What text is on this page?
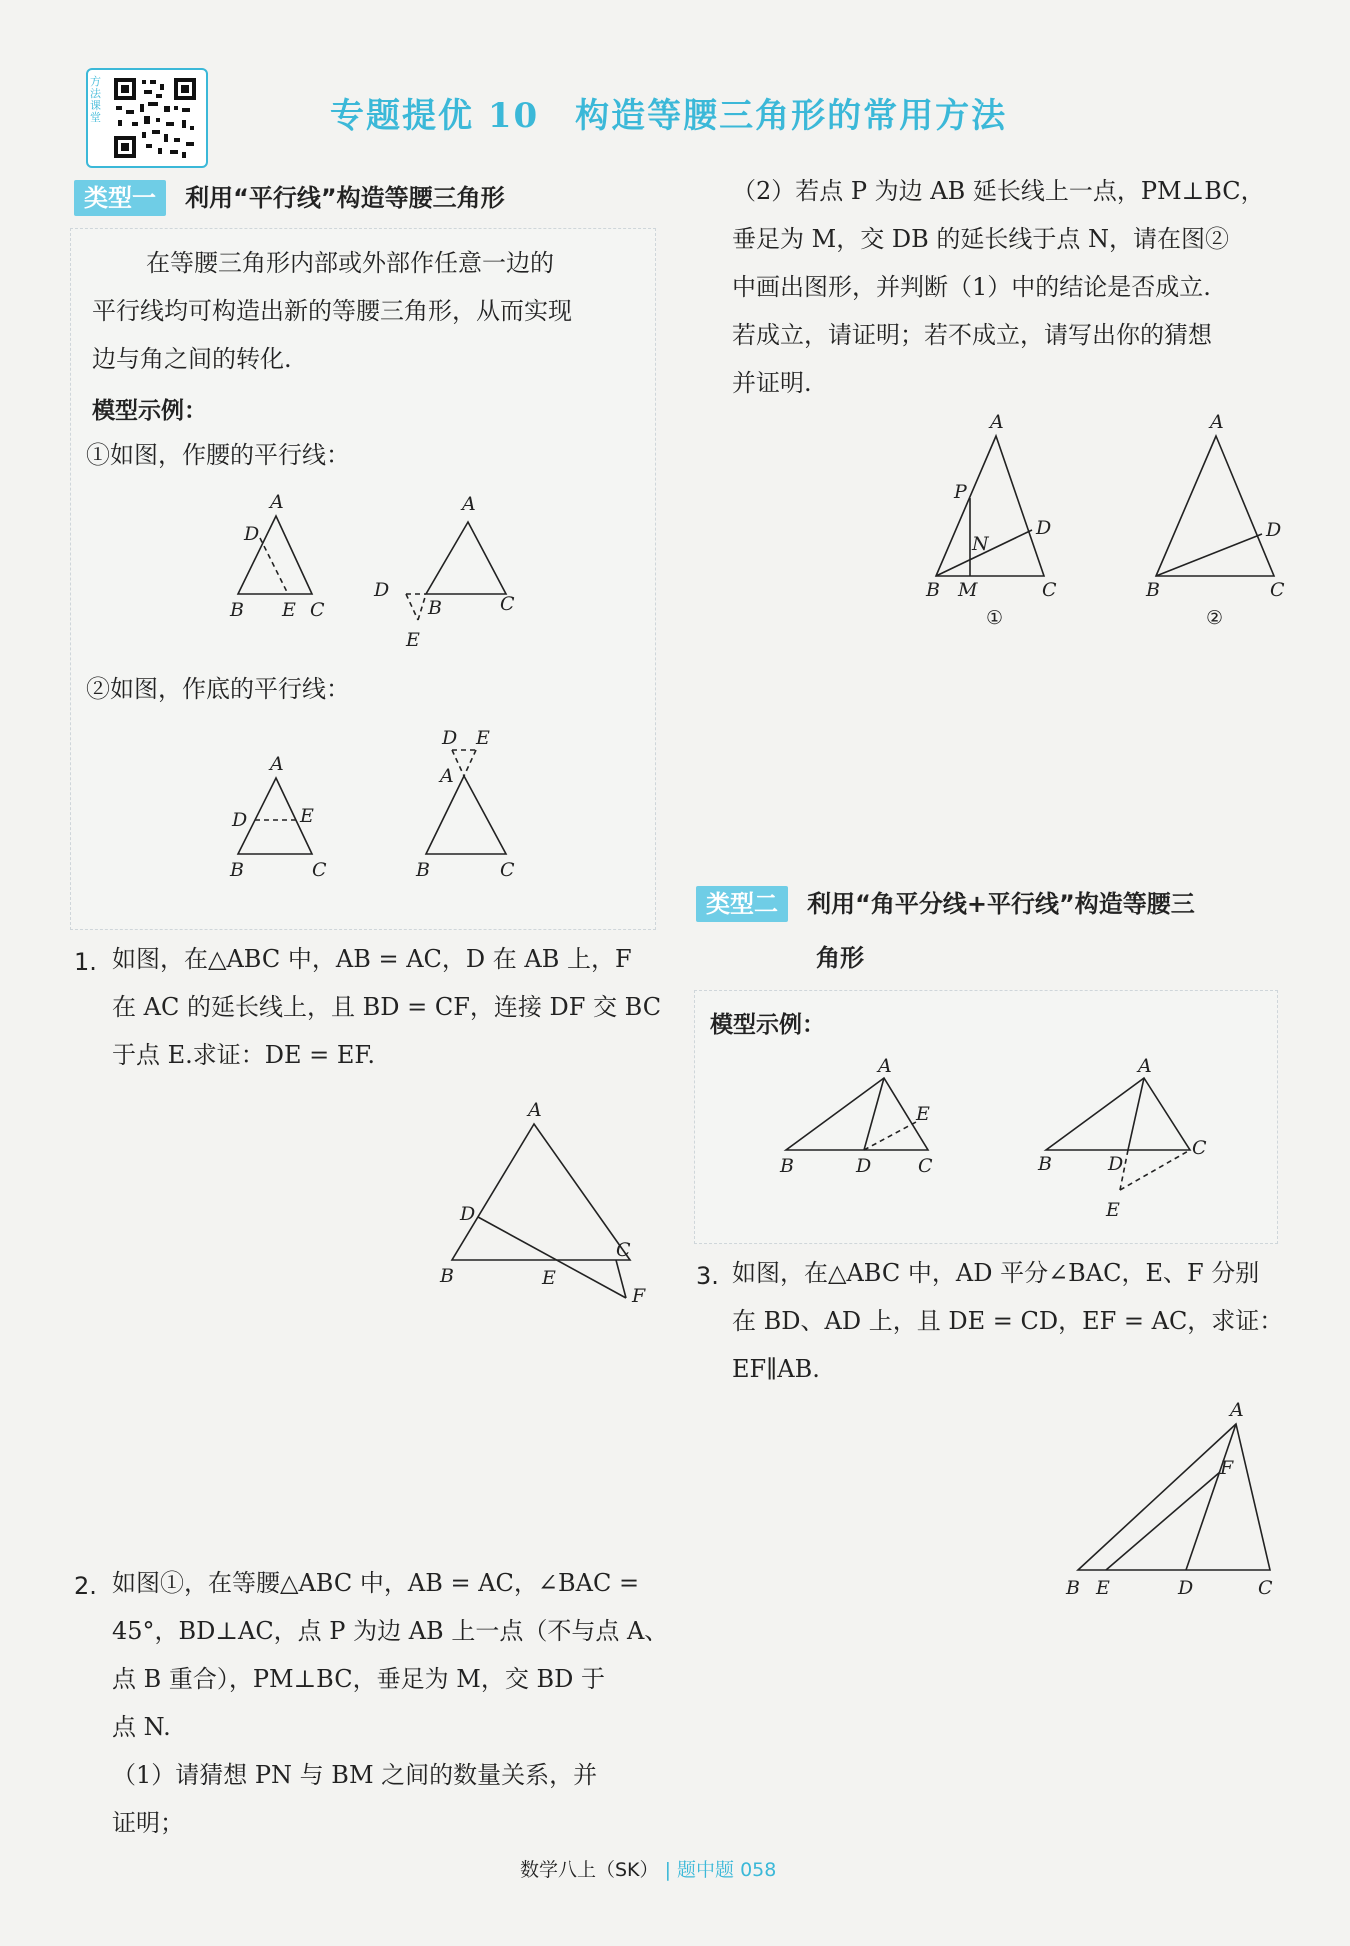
方法课堂	专题提优 10　构造等腰三角形的常用方法
类型一 利用“平行线”构造等腰三角形
在等腰三角形内部或外部作任意一边的
平行线均可构造出新的等腰三角形，从而实现
边与角之间的转化.
模型示例：
①如图，作腰的平行线：
A
D
B E C
A
D
B	C
E
②如图，作底的平行线：
A
D	E
B	C
D E
A
B	C
1. 如图，在△ABC 中，AB = AC，D 在 AB 上，F
在 AC 的延长线上，且 BD = CF，连接 DF 交 BC
于点 E.求证：DE = EF.
A
D
B	E
C
F
2. 如图①，在等腰△ABC 中，AB = AC，∠BAC =
45°，BD⊥AC，点 P 为边 AB 上一点（不与点 A、
点 B 重合），PM⊥BC，垂足为 M，交 BD 于
点 N.
（1）请猜想 PN 与 BM 之间的数量关系，并
证明；
（2）若点 P 为边 AB 延长线上一点，PM⊥BC，
垂足为 M，交 DB 的延长线于点 N，请在图②
中画出图形，并判断（1）中的结论是否成立.
若成立，请证明；若不成立，请写出你的猜想
并证明.
A
P
N
D
B M	C
①
A
D
B	C
②
类型二 利用“角平分线+平行线”构造等腰三
角形
模型示例：
A
E
B	D C
A
B	D
C
E
3. 如图，在△ABC 中，AD 平分∠BAC，E、F 分别
在 BD、AD 上，且 DE = CD，EF = AC，求证：
EF∥AB.
A
F
B E	D	C
数学八上（SK） | 题中题 058
